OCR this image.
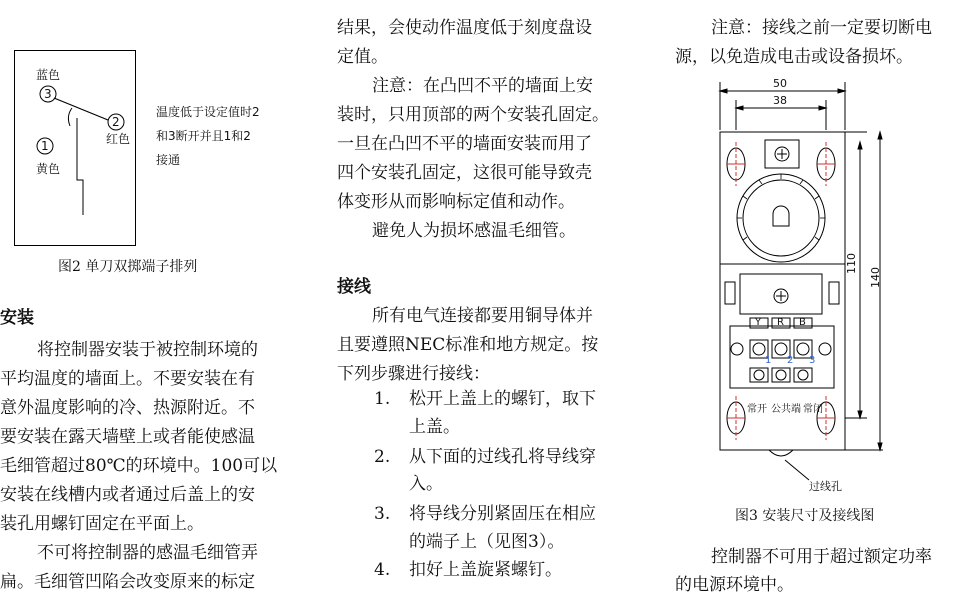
蓝色
3
2
红色
1
黄色
温度低于设定值时2
和3断开并且1和2
接通
图2 单刀双掷端子排列
安装
将控制器安装于被控制环境的
平均温度的墙面上。不要安装在有
意外温度影响的冷、热源附近。不
要安装在露天墙壁上或者能使感温
毛细管超过80℃的环境中。100可以
安装在线槽内或者通过后盖上的安
装孔用螺钉固定在平面上。
不可将控制器的感温毛细管弄
扁。毛细管凹陷会改变原来的标定
结果，会使动作温度低于刻度盘设
定值。
注意：在凸凹不平的墙面上安
装时，只用顶部的两个安装孔固定。
一旦在凸凹不平的墙面安装而用了
四个安装孔固定，这很可能导致壳
体变形从而影响标定值和动作。
避免人为损坏感温毛细管。
接线
所有电气连接都要用铜导体并
且要遵照NEC标准和地方规定。按
下列步骤进行接线：
1. 松开上盖上的螺钉，取下
上盖。
2. 从下面的过线孔将导线穿
入。
3. 将导线分别紧固压在相应
的端子上（见图3）。
4. 扣好上盖旋紧螺钉。
注意：接线之前一定要切断电
源，以免造成电击或设备损坏。
50
38
110
140
Y R B
1 2 3
常开 公共端 常闭
过线孔
图3 安装尺寸及接线图
控制器不可用于超过额定功率
的电源环境中。
